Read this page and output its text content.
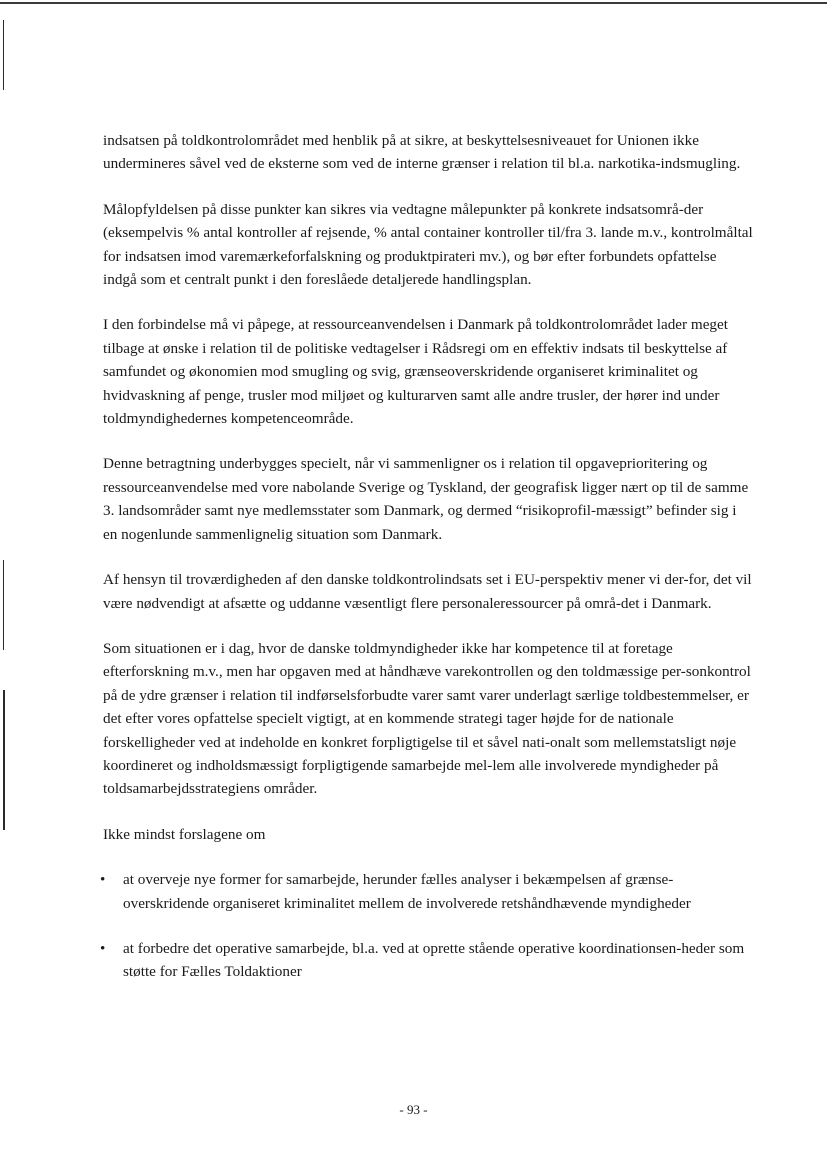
indsatsen på toldkontrolområdet med henblik på at sikre, at beskyttelsesniveauet for Unionen ikke undermineres såvel ved de eksterne som ved de interne grænser i relation til bl.a. narkotika-indsmugling.

Målopfyldelsen på disse punkter kan sikres via vedtagne målepunkter på konkrete indsatsområ-der (eksempelvis % antal kontroller af rejsende, % antal container kontroller til/fra 3. lande m.v., kontrolmåltal for indsatsen imod varemærkeforfalskning og produktpirateri mv.), og bør efter forbundets opfattelse indgå som et centralt punkt i den foreslåede detaljerede handlingsplan.

I den forbindelse må vi påpege, at ressourceanvendelsen i Danmark på toldkontrolområdet lader meget tilbage at ønske i relation til de politiske vedtagelser i Rådsregi om en effektiv indsats til beskyttelse af samfundet og økonomien mod smugling og svig, grænseoverskridende organiseret kriminalitet og hvidvaskning af penge, trusler mod miljøet og kulturarven samt alle andre trusler, der hører ind under toldmyndighedernes kompetenceområde.

Denne betragtning underbygges specielt, når vi sammenligner os i relation til opgaveprioritering og ressourceanvendelse med vore nabolande Sverige og Tyskland, der geografisk ligger nært op til de samme 3. landsområder samt nye medlemsstater som Danmark, og dermed “risikoprofil-mæssigt” befinder sig i en nogenlunde sammenlignelig situation som Danmark.

Af hensyn til troværdigheden af den danske toldkontrolindsats set i EU-perspektiv mener vi der-for, det vil være nødvendigt at afsætte og uddanne væsentligt flere personaleressourcer på områ-det i Danmark.

Som situationen er i dag, hvor de danske toldmyndigheder ikke har kompetence til at foretage efterforskning m.v., men har opgaven med at håndhæve varekontrollen og den toldmæssige per-sonkontrol på de ydre grænser i relation til indførselsforbudte varer samt varer underlagt særlige toldbestemmelser, er det efter vores opfattelse specielt vigtigt, at en kommende strategi tager højde for de nationale forskelligheder ved at indeholde en konkret forpligtigelse til et såvel nati-onalt som mellemstatsligt nøje koordineret og indholdsmæssigt forpligtigende samarbejde mel-lem alle involverede myndigheder på toldsamarbejdsstrategiens områder.

Ikke mindst forslagene om

• at overveje nye former for samarbejde, herunder fælles analyser i bekæmpelsen af grænse-overskridende organiseret kriminalitet mellem de involverede retshåndhævende myndigheder
• at forbedre det operative samarbejde, bl.a. ved at oprette stående operative koordinationsen-heder som støtte for Fælles Toldaktioner
- 93 -
